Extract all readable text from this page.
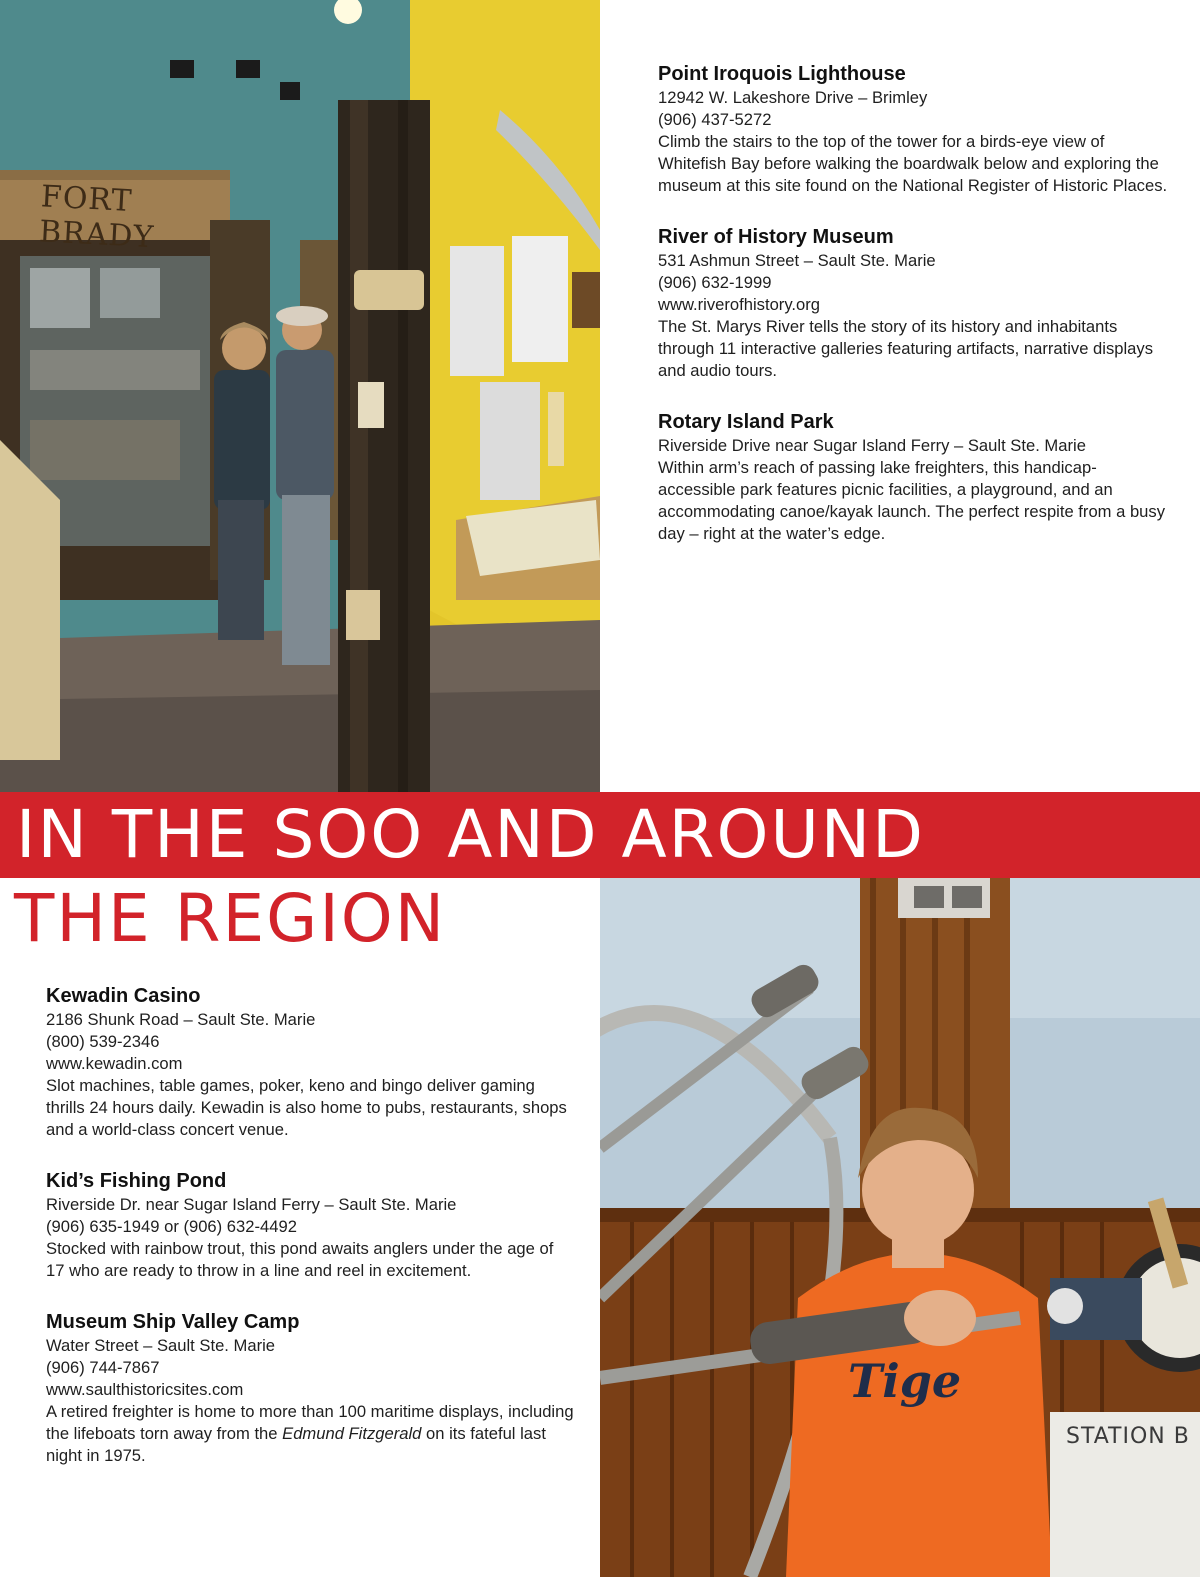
FORT BRADY
Point Iroquois Lighthouse

12942 W. Lakeshore Drive – Brimley

(906) 437-5272

Climb the stairs to the top of the tower for a birds-eye view of Whitefish Bay before walking the boardwalk below and exploring the museum at this site found on the National Register of Historic Places.

River of History Museum

531 Ashmun Street – Sault Ste. Marie

(906) 632-1999

www.riverofhistory.org

The St. Marys River tells the story of its history and inhabitants through 11 interactive galleries featuring artifacts, narrative displays and audio tours.

Rotary Island Park

Riverside Drive near Sugar Island Ferry – Sault Ste. Marie

Within arm’s reach of passing lake freighters, this handicap-accessible park features picnic facilities, a playground, and an accommodating canoe/kayak launch. The perfect respite from a busy day – right at the water’s edge.

IN THE SOO AND AROUND
THE REGION
Tige
STATION B
Kewadin Casino

2186 Shunk Road – Sault Ste. Marie

(800) 539-2346

www.kewadin.com

Slot machines, table games, poker, keno and bingo deliver gaming thrills 24 hours daily. Kewadin is also home to pubs, restaurants, shops and a world-class concert venue.

Kid’s Fishing Pond

Riverside Dr. near Sugar Island Ferry – Sault Ste. Marie

(906) 635-1949 or (906) 632-4492

Stocked with rainbow trout, this pond awaits anglers under the age of 17 who are ready to throw in a line and reel in excitement.

Museum Ship Valley Camp

Water Street – Sault Ste. Marie

(906) 744-7867

www.saulthistoricsites.com

A retired freighter is home to more than 100 maritime displays, including the lifeboats torn away from the Edmund Fitzgerald on its fateful last night in 1975.
